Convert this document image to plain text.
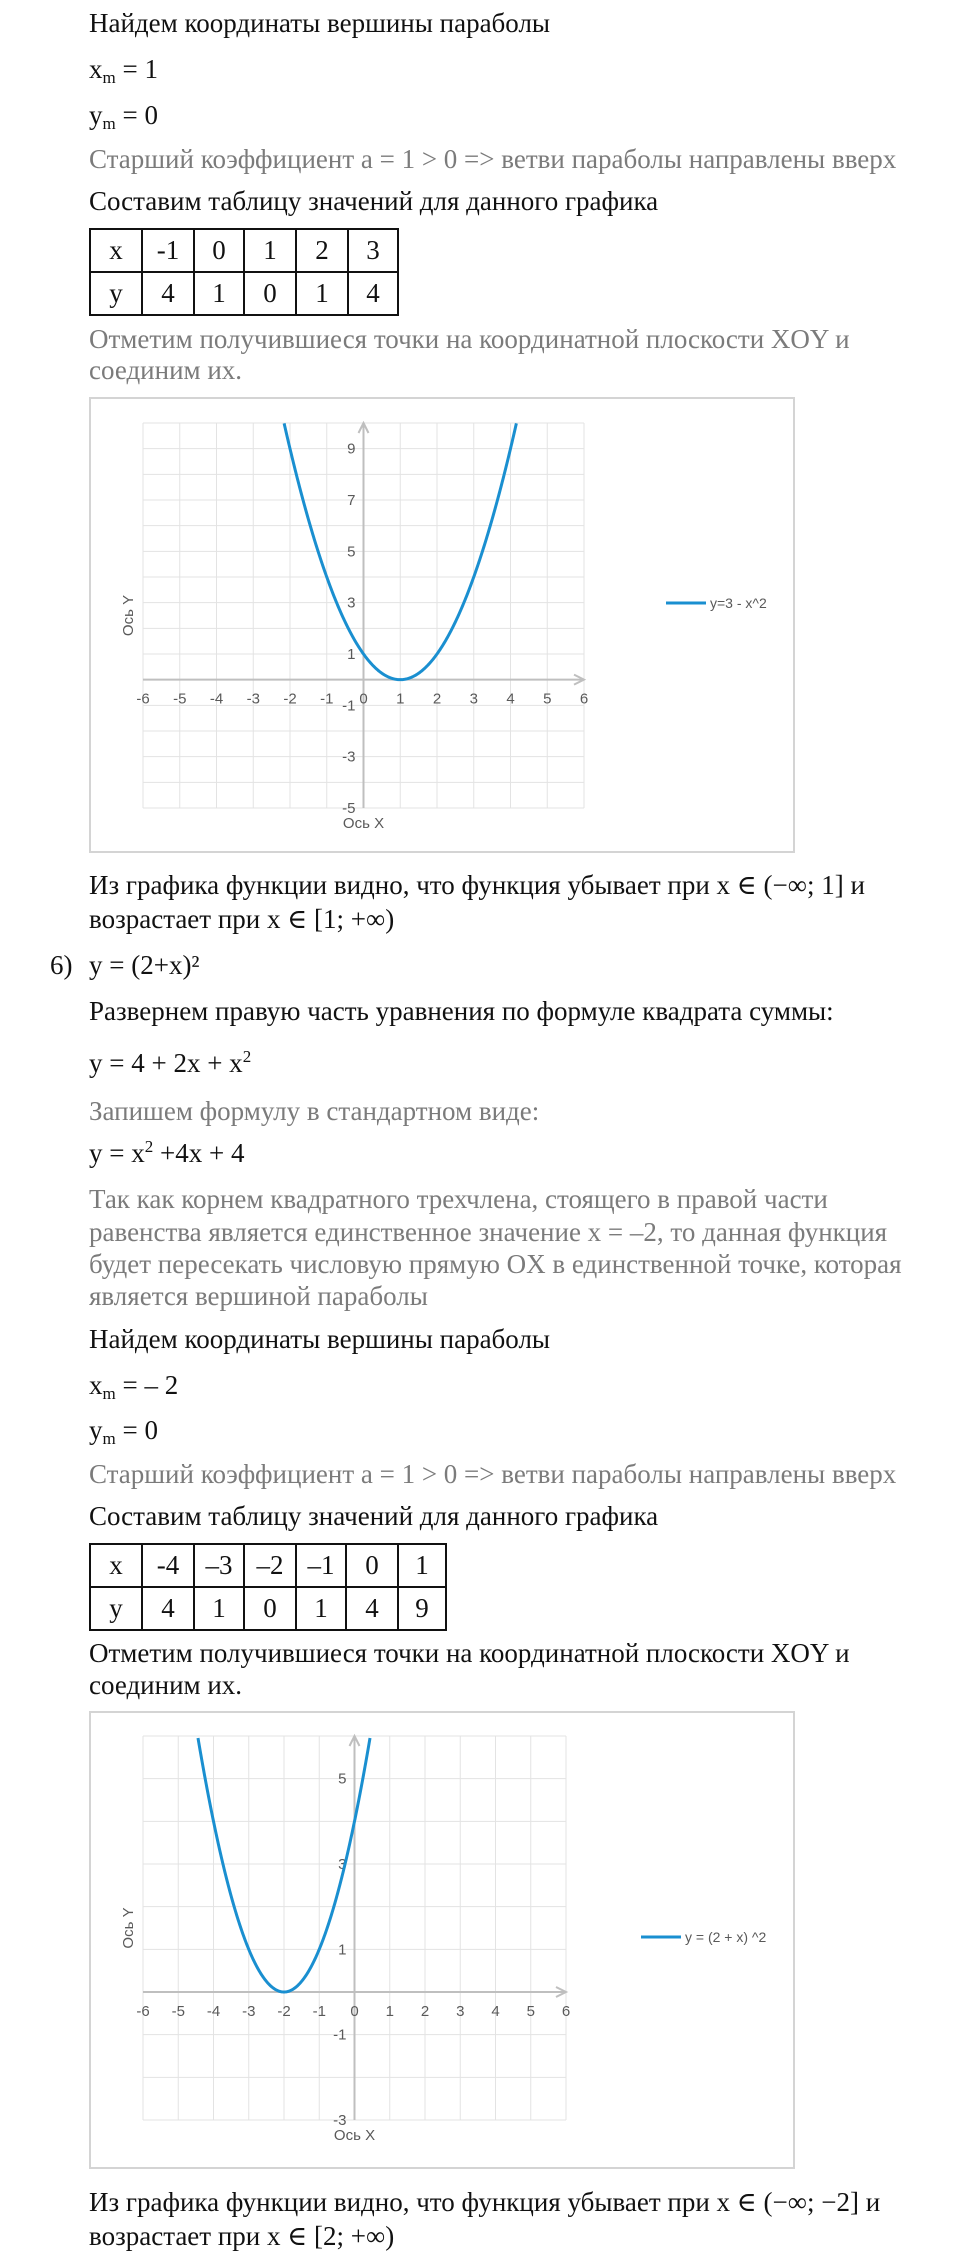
Найдем координаты вершины параболы
$x_m = 1$
$y_m = 0$
Старший коэффициент a = 1 > 0 => ветви параболы направлены вверх
Составим таблицу значений для данного графика
x	-1	0	1	2	3
y	4	1	0	1	4
Отметим получившиеся точки на координатной плоскости XOY и
соединим их.
-6 -5 -4 -3 -2 -1 0 1 2 3 4 5 6
9
7
5
3
1
-1
-3
-5
Ось X
Ось Y	y=3 - x^2
Из графика функции видно, что функция убывает при x ∈ (−∞; 1] и
возрастает при x ∈ [1; +∞)
6) y = (2+x)²
Развернем правую часть уравнения по формуле квадрата суммы:
$y = 4 + 2x + x^2$
Запишем формулу в стандартном виде:
$y = x^2 +4x + 4$
Так как корнем квадратного трехчлена, стоящего в правой части
равенства является единственное значение x = –2, то данная функция
будет пересекать числовую прямую OX в единственной точке, которая
является вершиной параболы
Найдем координаты вершины параболы
$x_m$ = – 2
$y_m = 0$
Старший коэффициент a = 1 > 0 => ветви параболы направлены вверх
Составим таблицу значений для данного графика
x	-4	–3	–2	–1	0	1
y	4	1	0	1	4	9
Отметим получившиеся точки на координатной плоскости XOY и
соединим их.
-6 -5 -4 -3 -2 -1 0 1 2 3 4 5 6
5
3
1
-1
-3
Ось X
Ось Y	y = (2 + x) ^2
Из графика функции видно, что функция убывает при x ∈ (−∞; −2] и
возрастает при x ∈ [2; +∞)
